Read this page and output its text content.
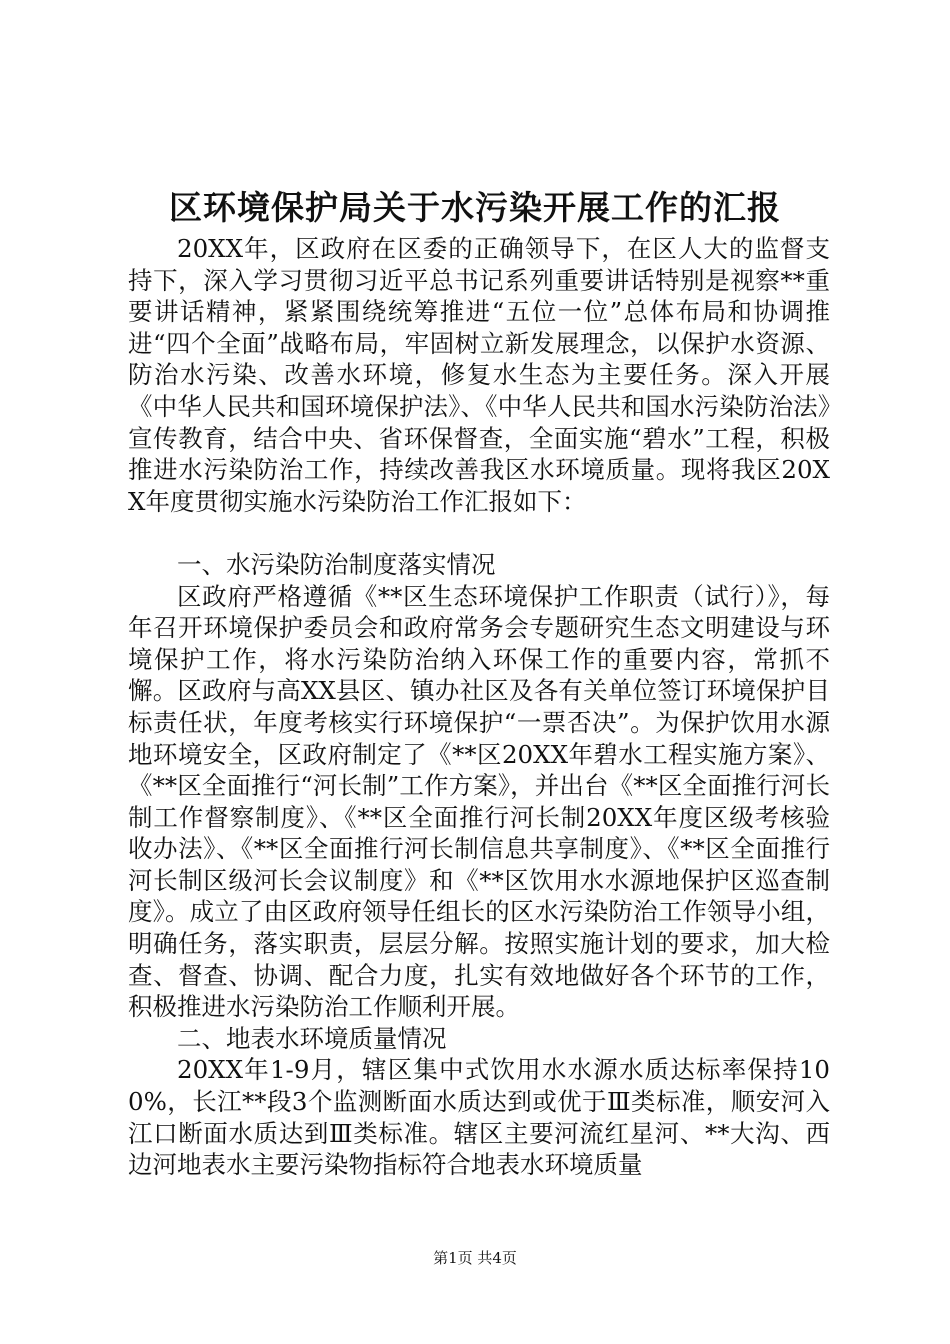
区环境保护局关于水污染开展工作的汇报

20XX年，区政府在区委的正确领导下，在区人大的监督支持下，深入学习贯彻习近平总书记系列重要讲话特别是视察**重要讲话精神，紧紧围绕统筹推进“五位一位”总体布局和协调推进“四个全面”战略布局，牢固树立新发展理念，以保护水资源、防治水污染、改善水环境，修复水生态为主要任务。深入开展《中华人民共和国环境保护法》、《中华人民共和国水污染防治法》宣传教育，结合中央、省环保督查，全面实施“碧水”工程，积极推进水污染防治工作，持续改善我区水环境质量。现将我区20XX年度贯彻实施水污染防治工作汇报如下：

一、水污染防治制度落实情况

区政府严格遵循《**区生态环境保护工作职责（试行）》，每年召开环境保护委员会和政府常务会专题研究生态文明建设与环境保护工作，将水污染防治纳入环保工作的重要内容，常抓不懈。区政府与高XX县区、镇办社区及各有关单位签订环境保护目标责任状，年度考核实行环境保护“一票否决”。为保护饮用水源地环境安全，区政府制定了《**区20XX年碧水工程实施方案》、《**区全面推行“河长制”工作方案》，并出台《**区全面推行河长制工作督察制度》、《**区全面推行河长制20XX年度区级考核验收办法》、《**区全面推行河长制信息共享制度》、《**区全面推行河长制区级河长会议制度》和《**区饮用水水源地保护区巡查制度》。成立了由区政府领导任组长的区水污染防治工作领导小组，明确任务，落实职责，层层分解。按照实施计划的要求，加大检查、督查、协调、配合力度，扎实有效地做好各个环节的工作，积极推进水污染防治工作顺利开展。

二、地表水环境质量情况

20XX年1-9月，辖区集中式饮用水水源水质达标率保持100%，长江**段3个监测断面水质达到或优于Ⅲ类标准，顺安河入江口断面水质达到Ⅲ类标准。辖区主要河流红星河、**大沟、西边河地表水主要污染物指标符合地表水环境质量

第1页 共4页
